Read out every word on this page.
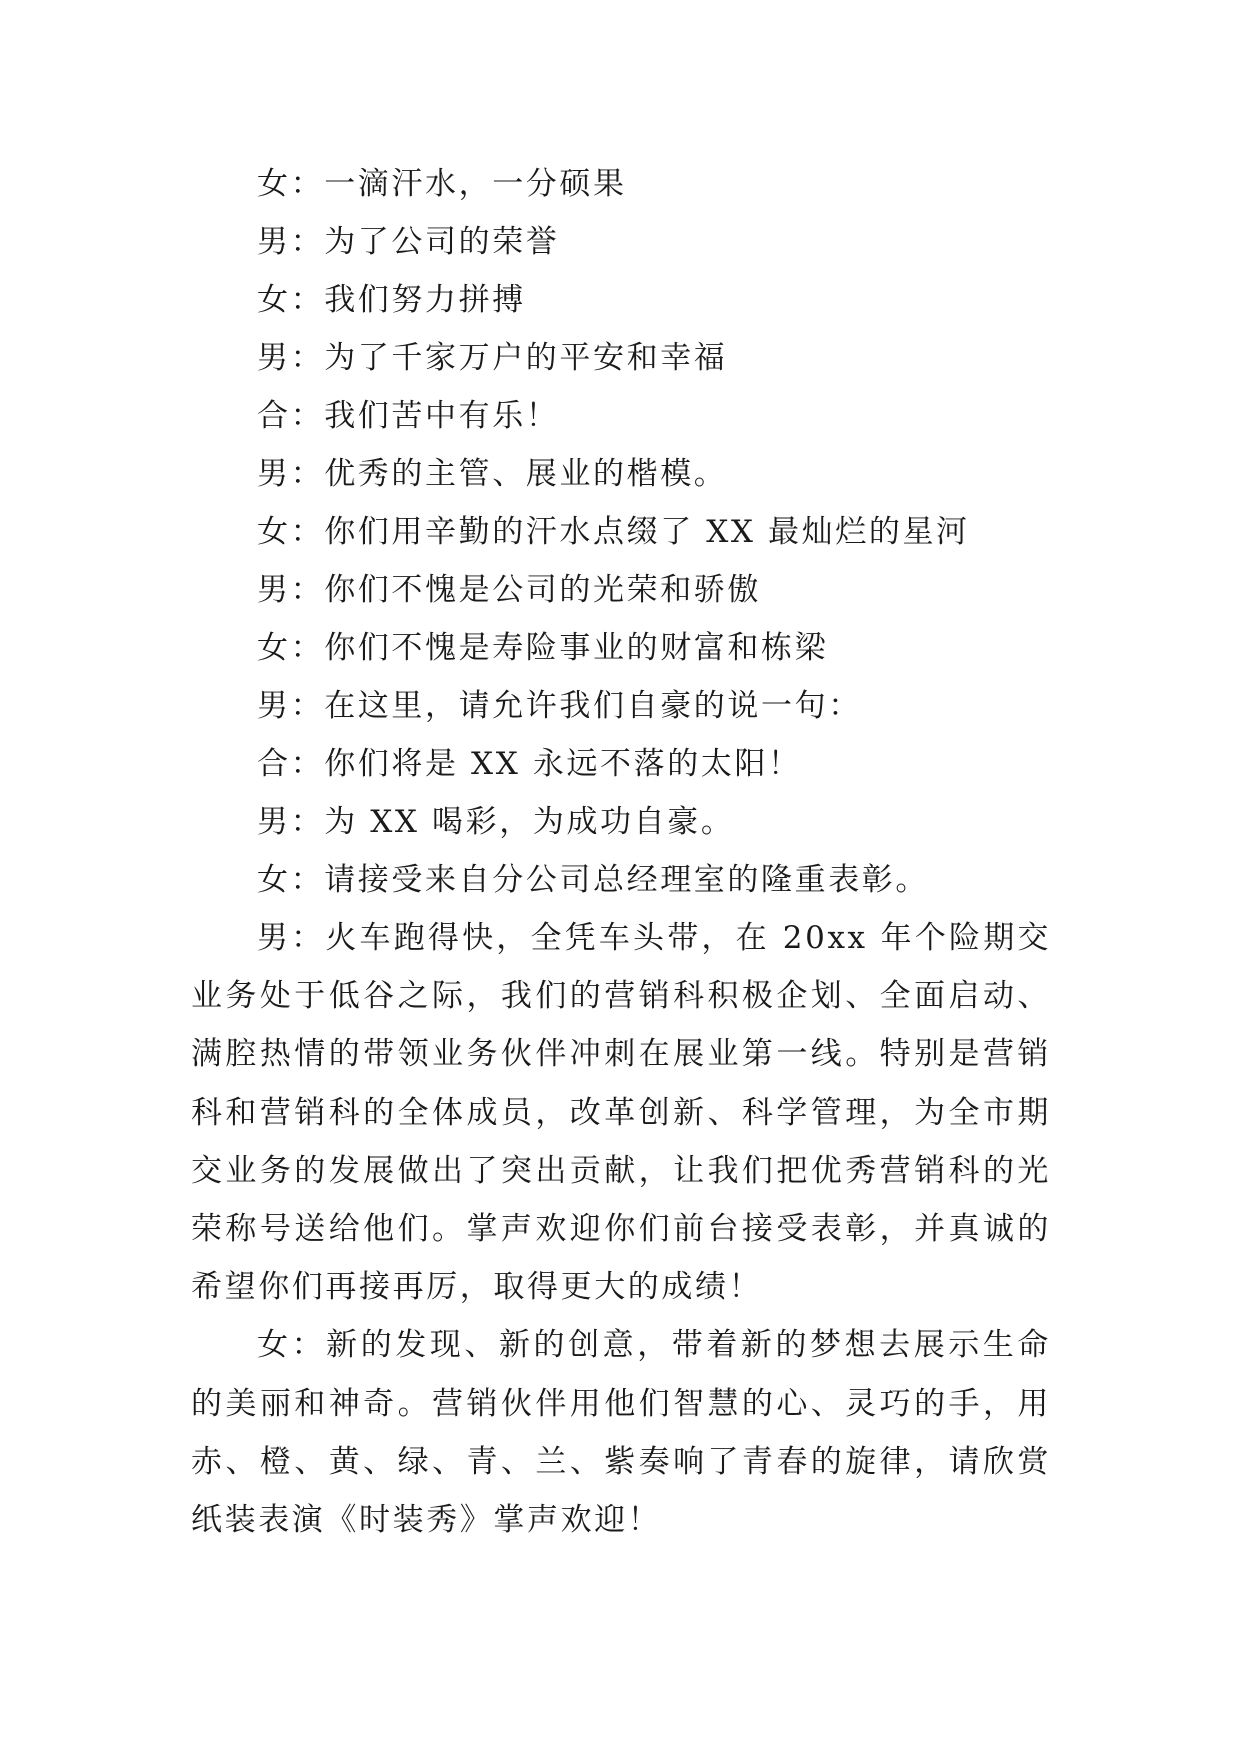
女：一滴汗水，一分硕果
男：为了公司的荣誉
女：我们努力拼搏
男：为了千家万户的平安和幸福
合：我们苦中有乐！
男：优秀的主管、展业的楷模。
女：你们用辛勤的汗水点缀了 XX 最灿烂的星河
男：你们不愧是公司的光荣和骄傲
女：你们不愧是寿险事业的财富和栋梁
男：在这里，请允许我们自豪的说一句：
合：你们将是 XX 永远不落的太阳！
男：为 XX 喝彩，为成功自豪。
女：请接受来自分公司总经理室的隆重表彰。

男：火车跑得快，全凭车头带，在 20xx 年个险期交业务处于低谷之际，我们的营销科积极企划、全面启动、满腔热情的带领业务伙伴冲刺在展业第一线。特别是营销科和营销科的全体成员，改革创新、科学管理，为全市期交业务的发展做出了突出贡献，让我们把优秀营销科的光荣称号送给他们。掌声欢迎你们前台接受表彰，并真诚的希望你们再接再厉，取得更大的成绩！

女：新的发现、新的创意，带着新的梦想去展示生命的美丽和神奇。营销伙伴用他们智慧的心、灵巧的手，用赤、橙、黄、绿、青、兰、紫奏响了青春的旋律，请欣赏纸装表演《时装秀》掌声欢迎！
